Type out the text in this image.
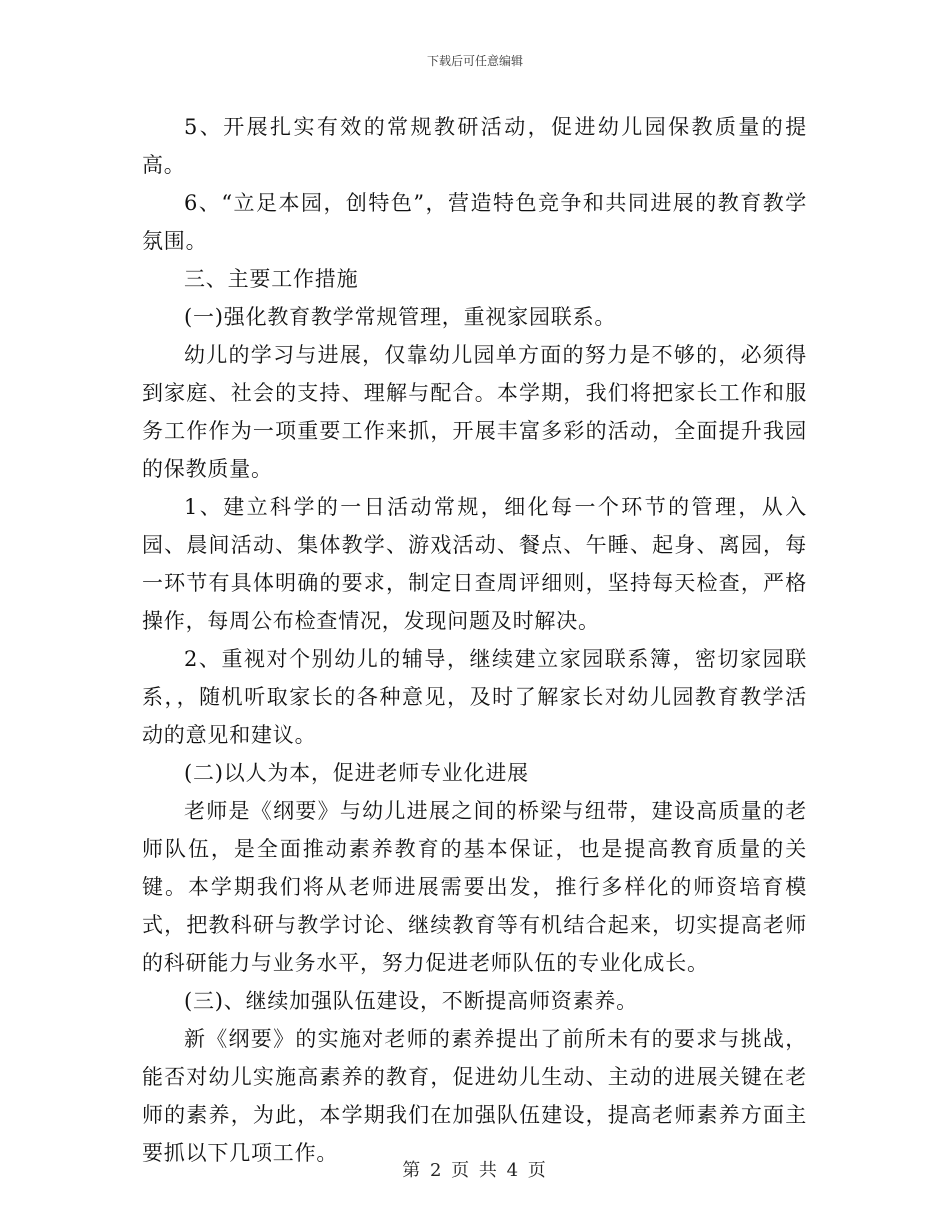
下载后可任意编辑

5、开展扎实有效的常规教研活动，促进幼儿园保教质量的提高。

6、“立足本园，创特色”，营造特色竞争和共同进展的教育教学氛围。

三、主要工作措施

(一)强化教育教学常规管理，重视家园联系。

幼儿的学习与进展，仅靠幼儿园单方面的努力是不够的，必须得到家庭、社会的支持、理解与配合。本学期，我们将把家长工作和服务工作作为一项重要工作来抓，开展丰富多彩的活动，全面提升我园的保教质量。

1、建立科学的一日活动常规，细化每一个环节的管理，从入园、晨间活动、集体教学、游戏活动、餐点、午睡、起身、离园，每一环节有具体明确的要求，制定日查周评细则，坚持每天检查，严格操作，每周公布检查情况，发现问题及时解决。

2、重视对个别幼儿的辅导，继续建立家园联系簿，密切家园联系，，随机听取家长的各种意见，及时了解家长对幼儿园教育教学活动的意见和建议。

(二)以人为本，促进老师专业化进展

老师是《纲要》与幼儿进展之间的桥梁与纽带，建设高质量的老师队伍，是全面推动素养教育的基本保证，也是提高教育质量的关键。本学期我们将从老师进展需要出发，推行多样化的师资培育模式，把教科研与教学讨论、继续教育等有机结合起来，切实提高老师的科研能力与业务水平，努力促进老师队伍的专业化成长。

(三)、继续加强队伍建设，不断提高师资素养。

新《纲要》的实施对老师的素养提出了前所未有的要求与挑战，能否对幼儿实施高素养的教育，促进幼儿生动、主动的进展关键在老师的素养，为此，本学期我们在加强队伍建设，提高老师素养方面主要抓以下几项工作。

第 2 页 共 4 页
